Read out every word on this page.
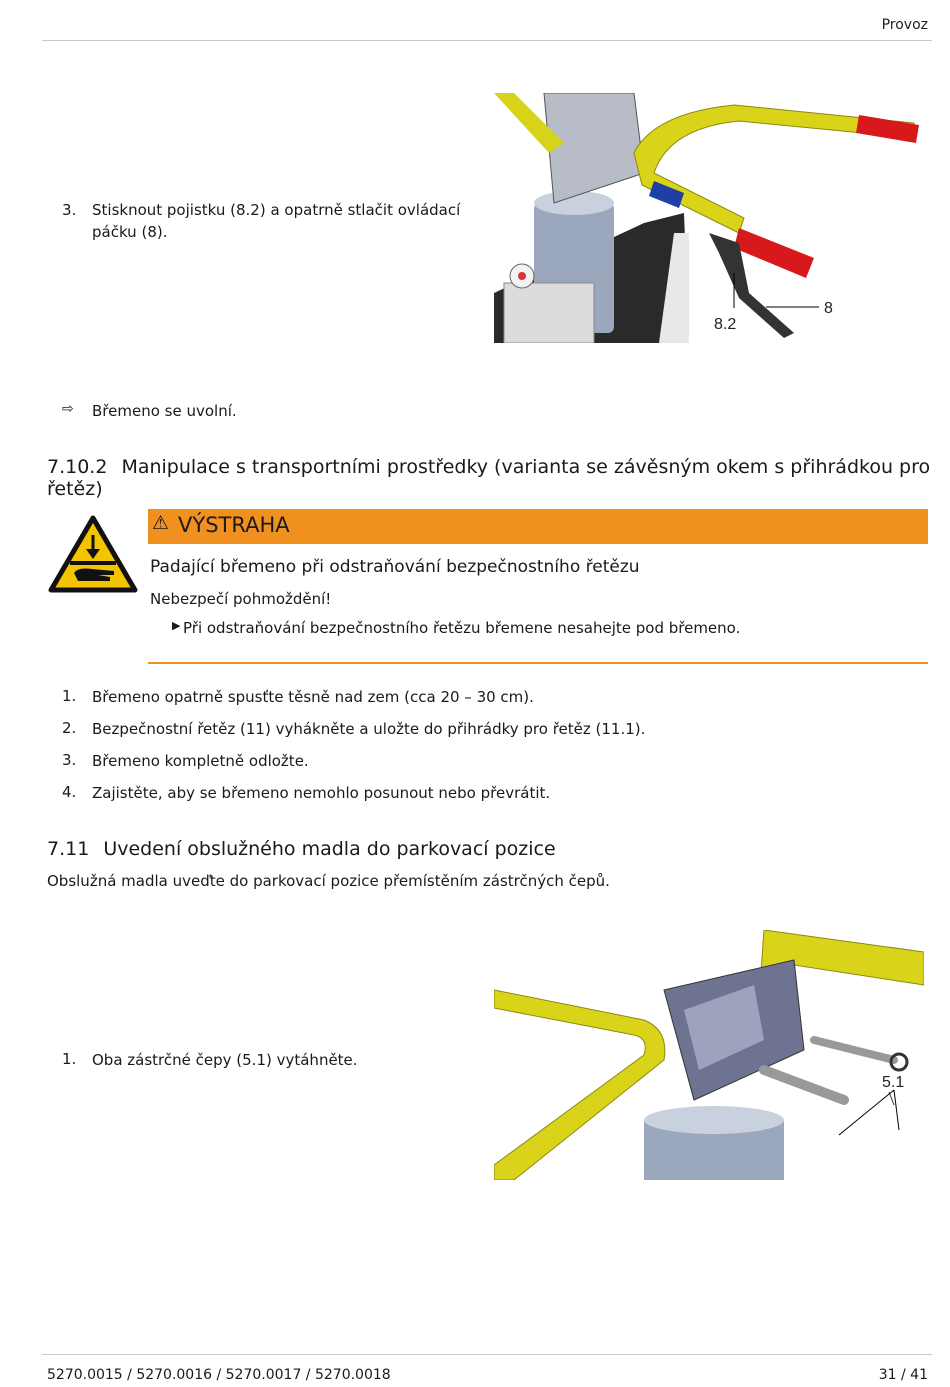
Provoz
3. Stisknout pojistku (8.2) a opatrně stlačit ovládací
páčku (8).
8.2
8
⇨ Břemeno se uvolní.
7.10.2 Manipulace s transportními prostředky (varianta se závěsným okem s přihrádkou pro řetěz)
⚠ VÝSTRAHA
Padající břemeno při odstraňování bezpečnostního řetězu
Nebezpečí pohmoždění!
▶ Při odstraňování bezpečnostního řetězu břemene nesahejte pod břemeno.
1. Břemeno opatrně spusťte těsně nad zem (cca 20 – 30 cm).
2. Bezpečnostní řetěz (11) vyhákněte a uložte do přihrádky pro řetěz (11.1).
3. Břemeno kompletně odložte.
4. Zajistěte, aby se břemeno nemohlo posunout nebo převrátit.
7.11 Uvedení obslužného madla do parkovací pozice
Obslužná madla uveďte do parkovací pozice přemístěním zástrčných čepů.
1. Oba zástrčné čepy (5.1) vytáhněte.
5.1
5270.0015 / 5270.0016 / 5270.0017 / 5270.0018	31 / 41
